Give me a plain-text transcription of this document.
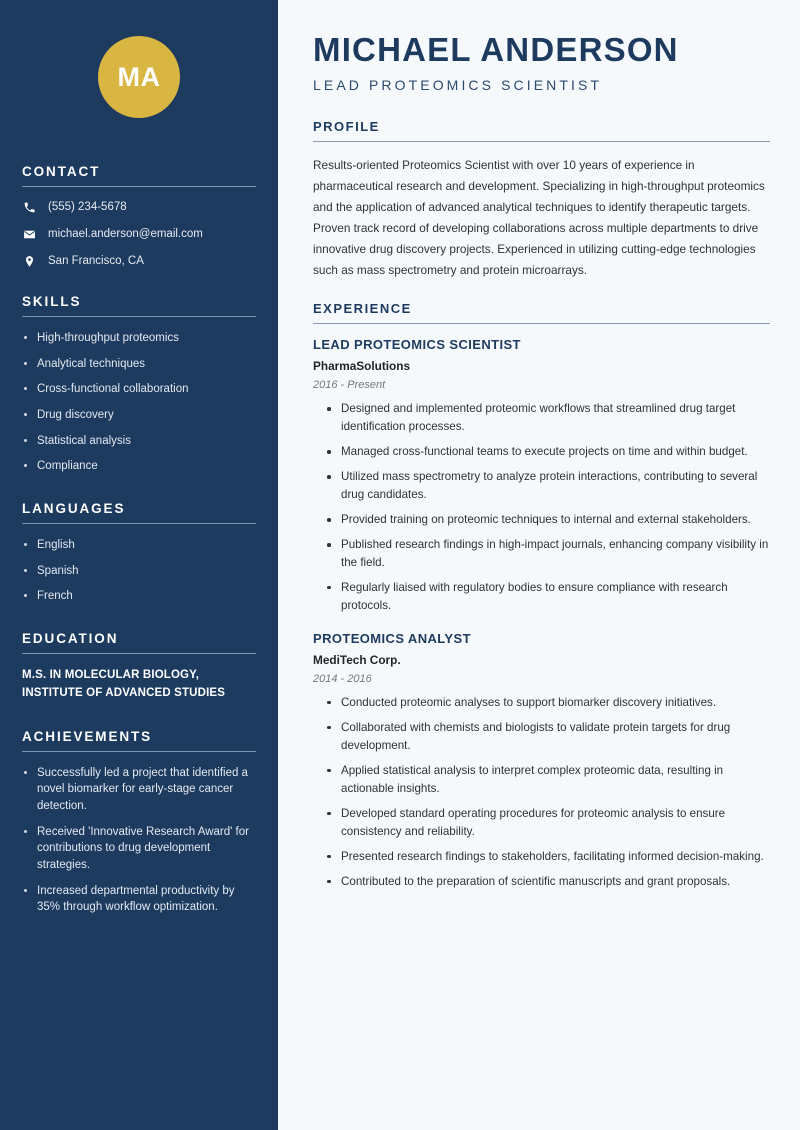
MA
CONTACT
(555) 234-5678
michael.anderson@email.com
San Francisco, CA
SKILLS
High-throughput proteomics
Analytical techniques
Cross-functional collaboration
Drug discovery
Statistical analysis
Compliance
LANGUAGES
English
Spanish
French
EDUCATION
M.S. IN MOLECULAR BIOLOGY,
INSTITUTE OF ADVANCED STUDIES
ACHIEVEMENTS
Successfully led a project that identified a novel biomarker for early-stage cancer detection.
Received 'Innovative Research Award' for contributions to drug development strategies.
Increased departmental productivity by 35% through workflow optimization.
MICHAEL ANDERSON
LEAD PROTEOMICS SCIENTIST
PROFILE

Results-oriented Proteomics Scientist with over 10 years of experience in pharmaceutical research and development. Specializing in high-throughput proteomics and the application of advanced analytical techniques to identify therapeutic targets. Proven track record of developing collaborations across multiple departments to drive innovative drug discovery projects. Experienced in utilizing cutting-edge technologies such as mass spectrometry and protein microarrays.

EXPERIENCE
LEAD PROTEOMICS SCIENTIST
PharmaSolutions
2016 - Present
Designed and implemented proteomic workflows that streamlined drug target identification processes.
Managed cross-functional teams to execute projects on time and within budget.
Utilized mass spectrometry to analyze protein interactions, contributing to several drug candidates.
Provided training on proteomic techniques to internal and external stakeholders.
Published research findings in high-impact journals, enhancing company visibility in the field.
Regularly liaised with regulatory bodies to ensure compliance with research protocols.
PROTEOMICS ANALYST
MediTech Corp.
2014 - 2016
Conducted proteomic analyses to support biomarker discovery initiatives.
Collaborated with chemists and biologists to validate protein targets for drug development.
Applied statistical analysis to interpret complex proteomic data, resulting in actionable insights.
Developed standard operating procedures for proteomic analysis to ensure consistency and reliability.
Presented research findings to stakeholders, facilitating informed decision-making.
Contributed to the preparation of scientific manuscripts and grant proposals.
